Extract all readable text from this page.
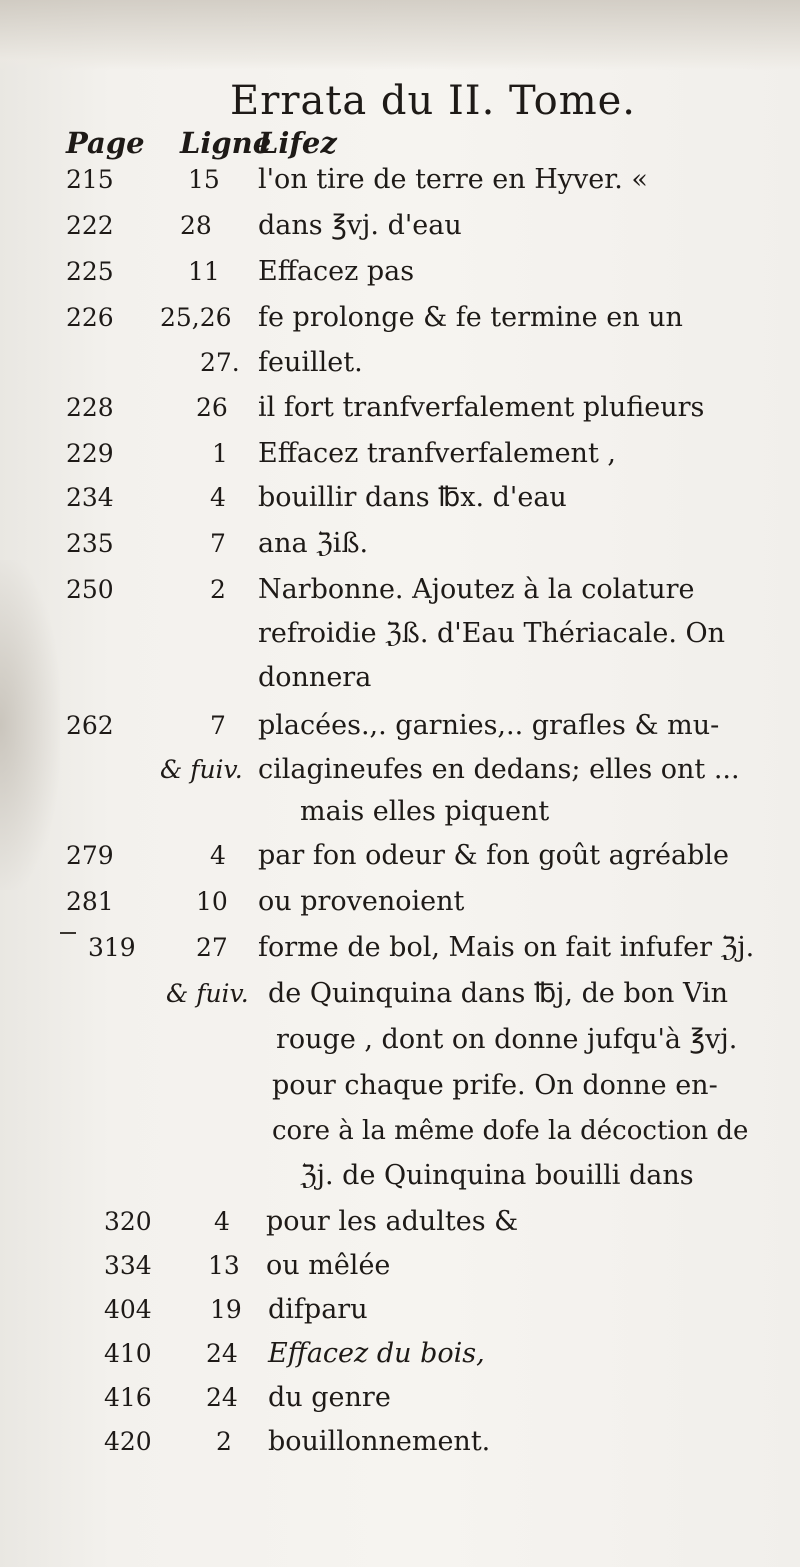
Errata du II. Tome.
Page Ligne
Lifez
215	15 l'on tire de terre en Hyver. «
222	28 dans ℥vj. d'eau
225	11 Effacez pas
226 25,26 fe prolonge & fe termine en un
27. feuillet.
228	26 il fort tranfverfalement plufieurs
229	1 Effacez tranfverfalement ,
234	4 bouillir dans ℔x. d'eau
235	7 ana ℨiß.
250	2 Narbonne. Ajoutez à la colature
refroidie ℨß. d'Eau Thériacale. On
donnera
262	7 placées.,. garnies,.. grafles & mu-
& fuiv. cilagineufes en dedans; elles ont ...
mais elles piquent
279	4 par fon odeur & fon goût agréable
281	10 ou provenoient
319 27 forme de bol, Mais on fait infufer ℨj.
& fuiv. de Quinquina dans ℔j, de bon Vin
rouge , dont on donne jufqu'à ℥vj.
pour chaque prife. On donne en-
core à la même dofe la décoction de
ℨj. de Quinquina bouilli dans
320 4 pour les adultes &
334 13 ou mêlée
404 19 difparu
410 24 Effacez du bois,
416 24 du genre
420	2 bouillonnement.
